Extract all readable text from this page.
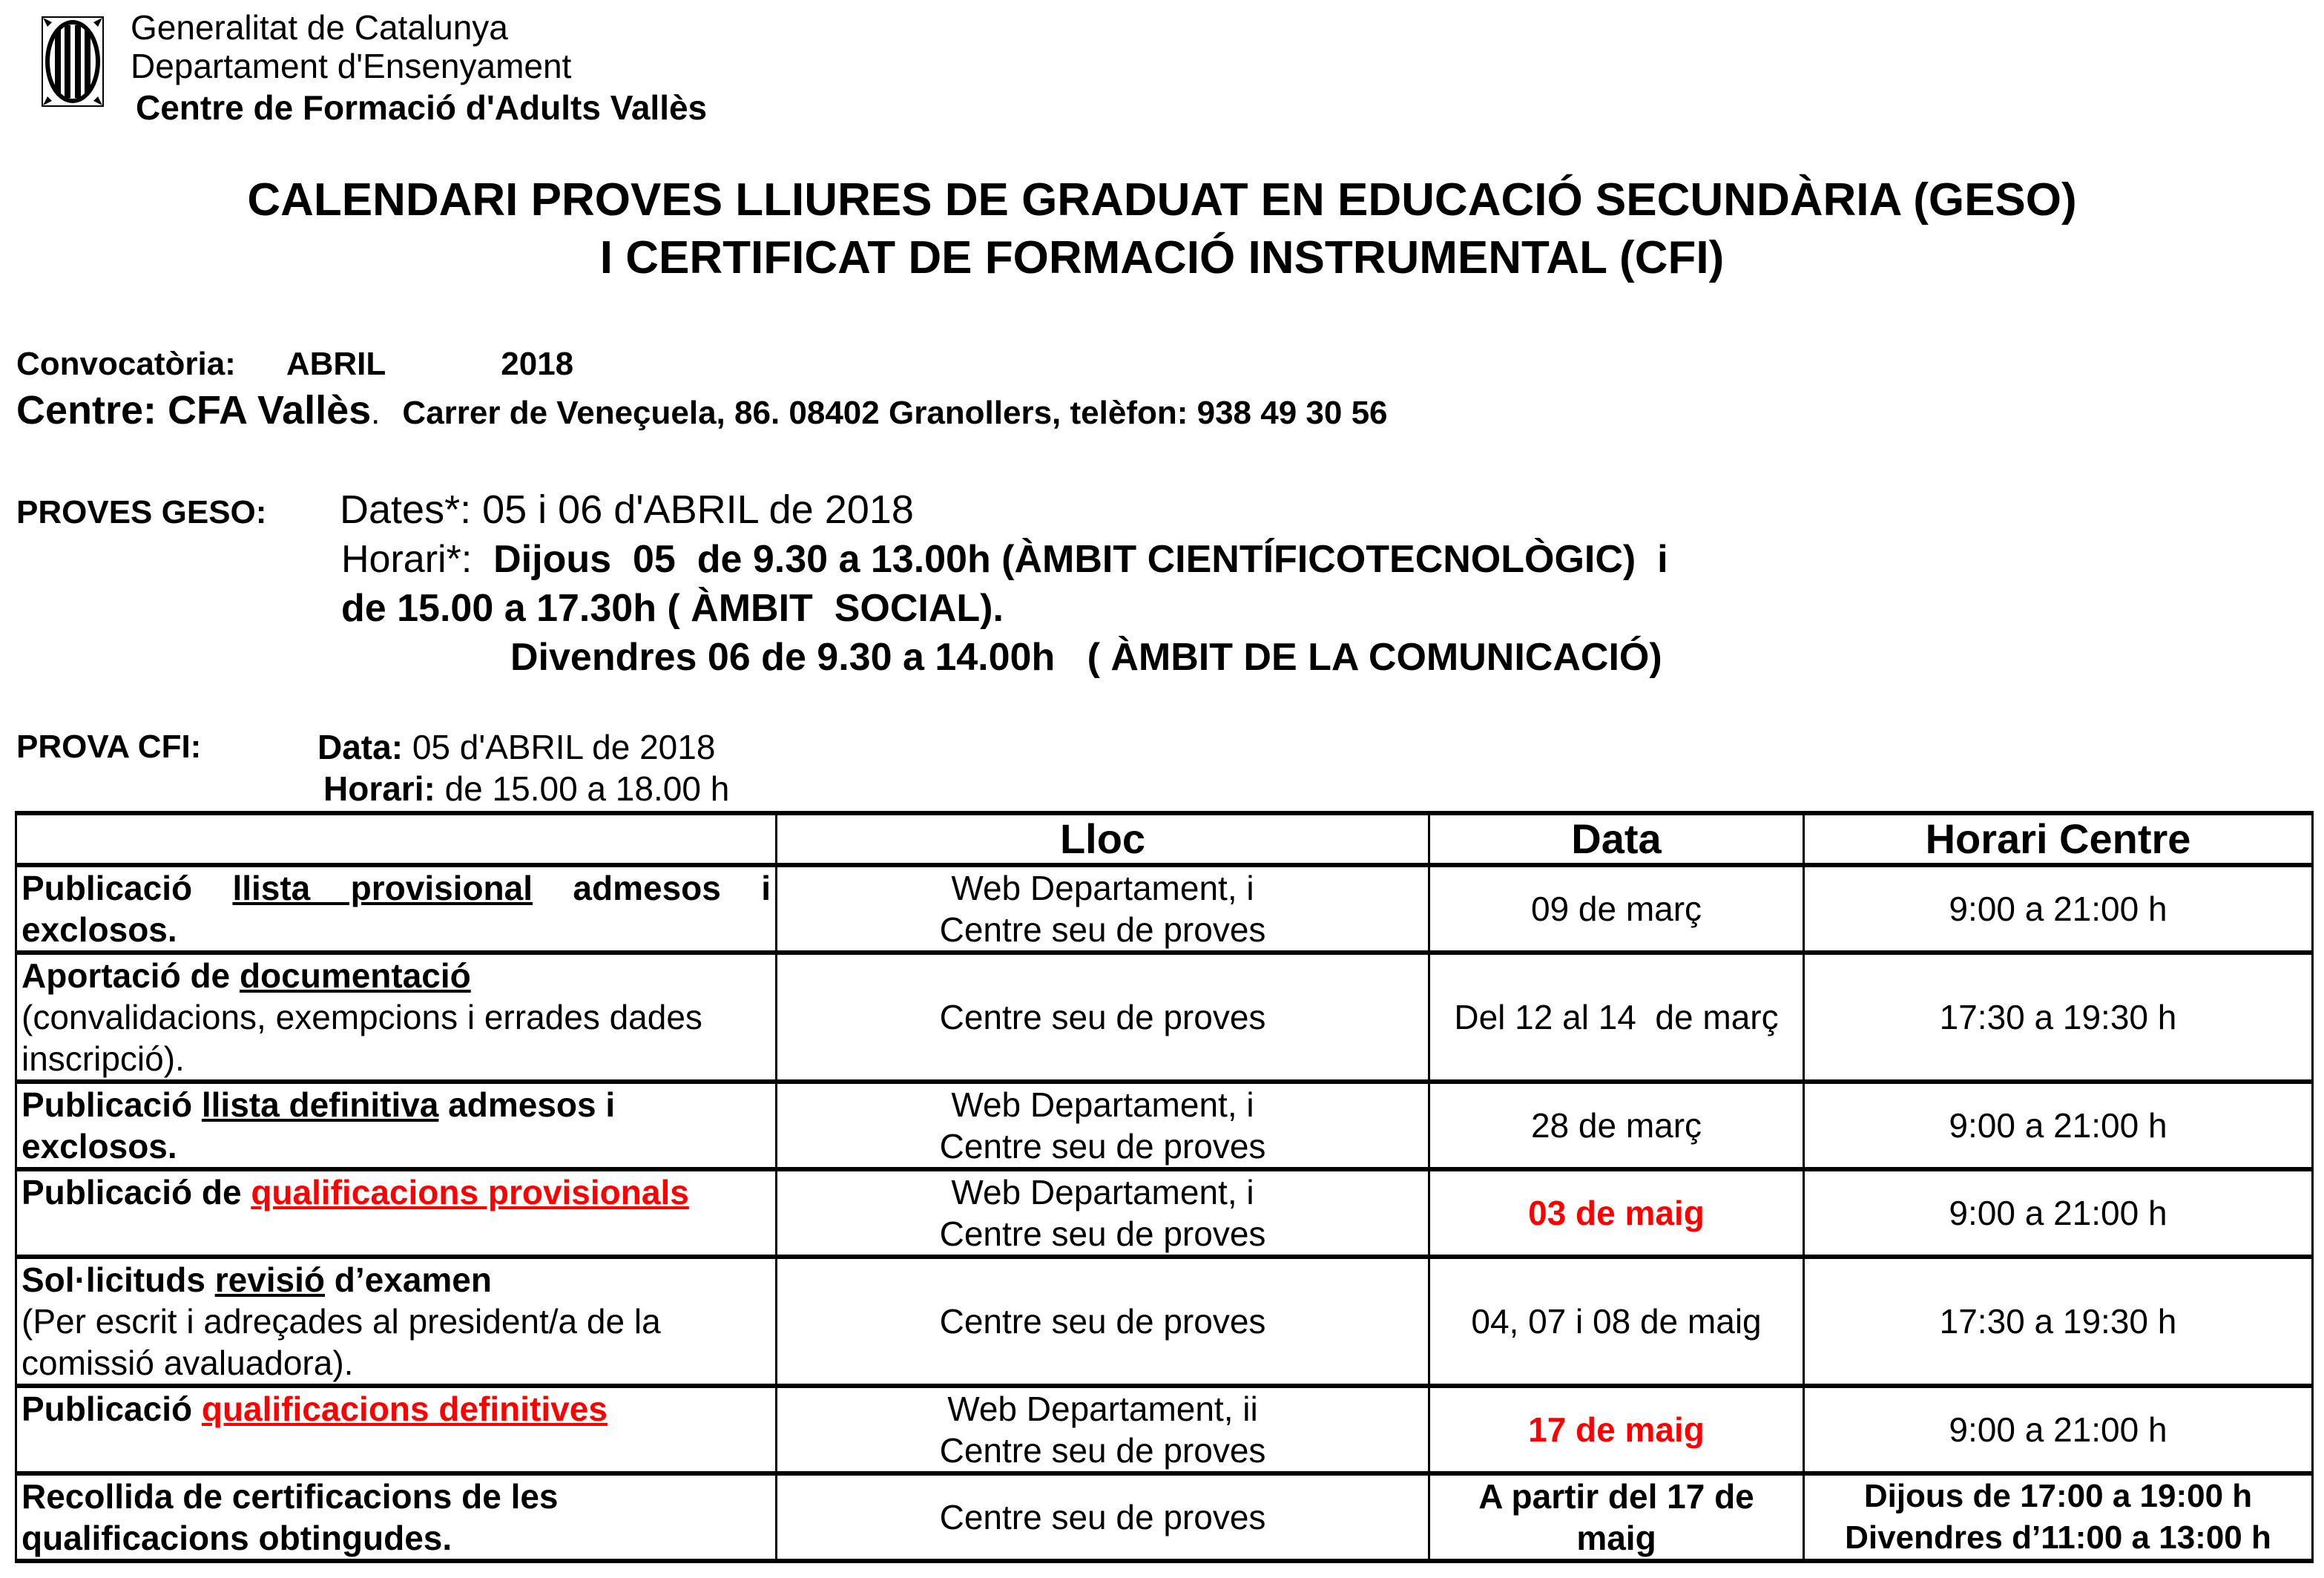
Generalitat de Catalunya
Departament d'Ensenyament
Centre de Formació d'Adults Vallès
CALENDARI PROVES LLIURES DE GRADUAT EN EDUCACIÓ SECUNDÀRIA (GESO)
I CERTIFICAT DE FORMACIÓ INSTRUMENTAL (CFI)
Convocatòria: ABRIL	2018
Centre: CFA Vallès. Carrer de Veneçuela, 86. 08402 Granollers, telèfon: 938 49 30 56
PROVES GESO: Dates*: 05 i 06 d'ABRIL de 2018
Horari*: Dijous  05  de 9.30 a 13.00h (ÀMBIT CIENTÍFICOTECNOLÒGIC)  i
de 15.00 a 17.30h ( ÀMBIT  SOCIAL).
Divendres 06 de 9.30 a 14.00h   ( ÀMBIT DE LA COMUNICACIÓ)
PROVA CFI:	Data: 05 d'ABRIL de 2018
Horari: de 15.00 a 18.00 h
	Lloc	Data	Horari Centre

Publicació llista provisional admesos i exclosos.	Web Departament, i
Centre seu de proves	09 de març	9:00 a 21:00 h

Aportació de documentació
(convalidacions, exempcions i errades dades inscripció).	Centre seu de proves	Del 12 al 14  de març	17:30 a 19:30 h

Publicació llista definitiva admesos i exclosos.	Web Departament, i
Centre seu de proves	28 de març	9:00 a 21:00 h

Publicació de qualificacions provisionals	Web Departament, i
Centre seu de proves	03 de maig	9:00 a 21:00 h

Sol·licituds revisió d’examen
(Per escrit i adreçades al president/a de la comissió avaluadora).	Centre seu de proves	04, 07 i 08 de maig	17:30 a 19:30 h

Publicació qualificacions definitives	Web Departament, ii
Centre seu de proves	17 de maig	9:00 a 21:00 h

Recollida de certificacions de les qualificacions obtingudes.	Centre seu de proves	A partir del 17 de maig	Dijous de 17:00 a 19:00 h
Divendres d’11:00 a 13:00 h
